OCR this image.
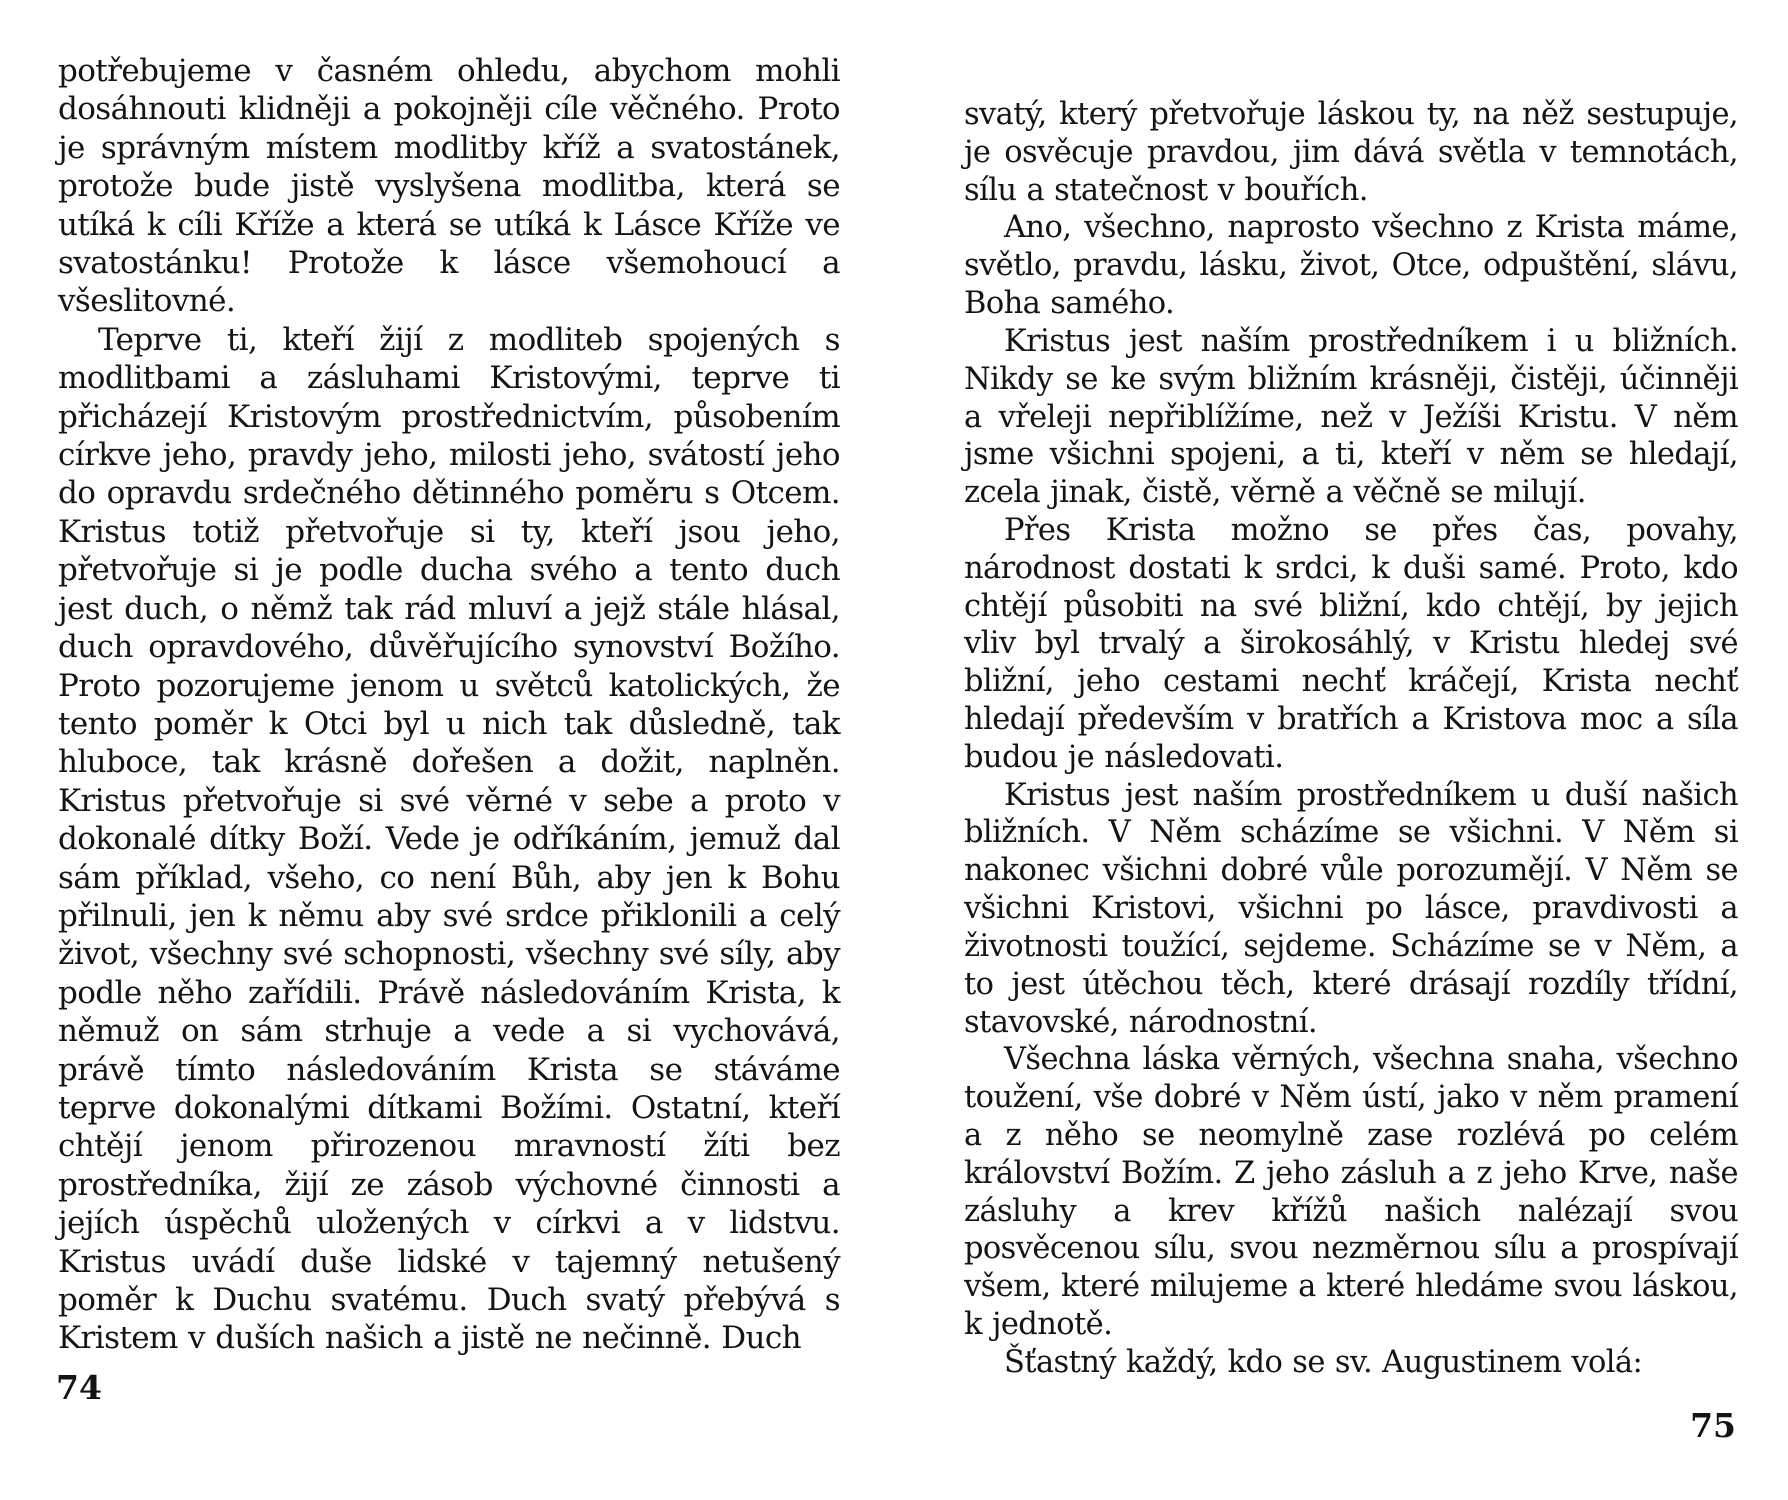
potřebujeme v časném ohledu, abychom mohli dosáhnouti klidněji a pokojněji cíle věčného. Proto je správným místem modlitby kříž a svatostánek, protože bude jistě vyslyšena modlitba, která se utíká k cíli Kříže a která se utíká k Lásce Kříže ve svatostánku! Protože k lásce všemohoucí a všeslitovné.

Teprve ti, kteří žijí z modliteb spojených s modlitbami a zásluhami Kristovými, teprve ti přicházejí Kristovým prostřednictvím, působením církve jeho, pravdy jeho, milosti jeho, svátostí jeho do opravdu srdečného dětinného poměru s Otcem. Kristus totiž přetvořuje si ty, kteří jsou jeho, přetvořuje si je podle ducha svého a tento duch jest duch, o němž tak rád mluví a jejž stále hlásal, duch opravdového, důvěřujícího synovství Božího. Proto pozorujeme jenom u světců katolických, že tento poměr k Otci byl u nich tak důsledně, tak hluboce, tak krásně dořešen a dožit, naplněn. Kristus přetvořuje si své věrné v sebe a proto v dokonalé dítky Boží. Vede je odříkáním, jemuž dal sám příklad, všeho, co není Bůh, aby jen k Bohu přilnuli, jen k němu aby své srdce přiklonili a celý život, všechny své schopnosti, všechny své síly, aby podle něho zařídili. Právě následováním Krista, k němuž on sám strhuje a vede a si vychovává, právě tímto následováním Krista se stáváme teprve dokonalými dítkami Božími. Ostatní, kteří chtějí jenom přirozenou mravností žíti bez prostředníka, žijí ze zásob výchovné činnosti a jejích úspěchů uložených v církvi a v lidstvu. Kristus uvádí duše lidské v tajemný netušený poměr k Duchu svatému. Duch svatý přebývá s Kristem v duších našich a jistě ne nečinně. Duch

74

svatý, který přetvořuje láskou ty, na něž sestupuje, je osvěcuje pravdou, jim dává světla v temnotách, sílu a statečnost v bouřích.

Ano, všechno, naprosto všechno z Krista máme, světlo, pravdu, lásku, život, Otce, odpuštění, slávu, Boha samého.

Kristus jest naším prostředníkem i u bližních. Nikdy se ke svým bližním krásněji, čistěji, účinněji a vřeleji nepřiblížíme, než v Ježíši Kristu. V něm jsme všichni spojeni, a ti, kteří v něm se hledají, zcela jinak, čistě, věrně a věčně se milují.

Přes Krista možno se přes čas, povahy, národnost dostati k srdci, k duši samé. Proto, kdo chtějí působiti na své bližní, kdo chtějí, by jejich vliv byl trvalý a širokosáhlý, v Kristu hledej své bližní, jeho cestami nechť kráčejí, Krista nechť hledají především v bratřích a Kristova moc a síla budou je následovati.

Kristus jest naším prostředníkem u duší našich bližních. V Něm scházíme se všichni. V Něm si nakonec všichni dobré vůle porozumějí. V Něm se všichni Kristovi, všichni po lásce, pravdivosti a životnosti toužící, sejdeme. Scházíme se v Něm, a to jest útěchou těch, které drásají rozdíly třídní, stavovské, národnostní.

Všechna láska věrných, všechna snaha, všechno toužení, vše dobré v Něm ústí, jako v něm pramení a z něho se neomylně zase rozlévá po celém království Božím. Z jeho zásluh a z jeho Krve, naše zásluhy a krev křížů našich nalézají svou posvěcenou sílu, svou nezměrnou sílu a prospívají všem, které milujeme a které hledáme svou láskou, k jednotě.

Šťastný každý, kdo se sv. Augustinem volá:

75
